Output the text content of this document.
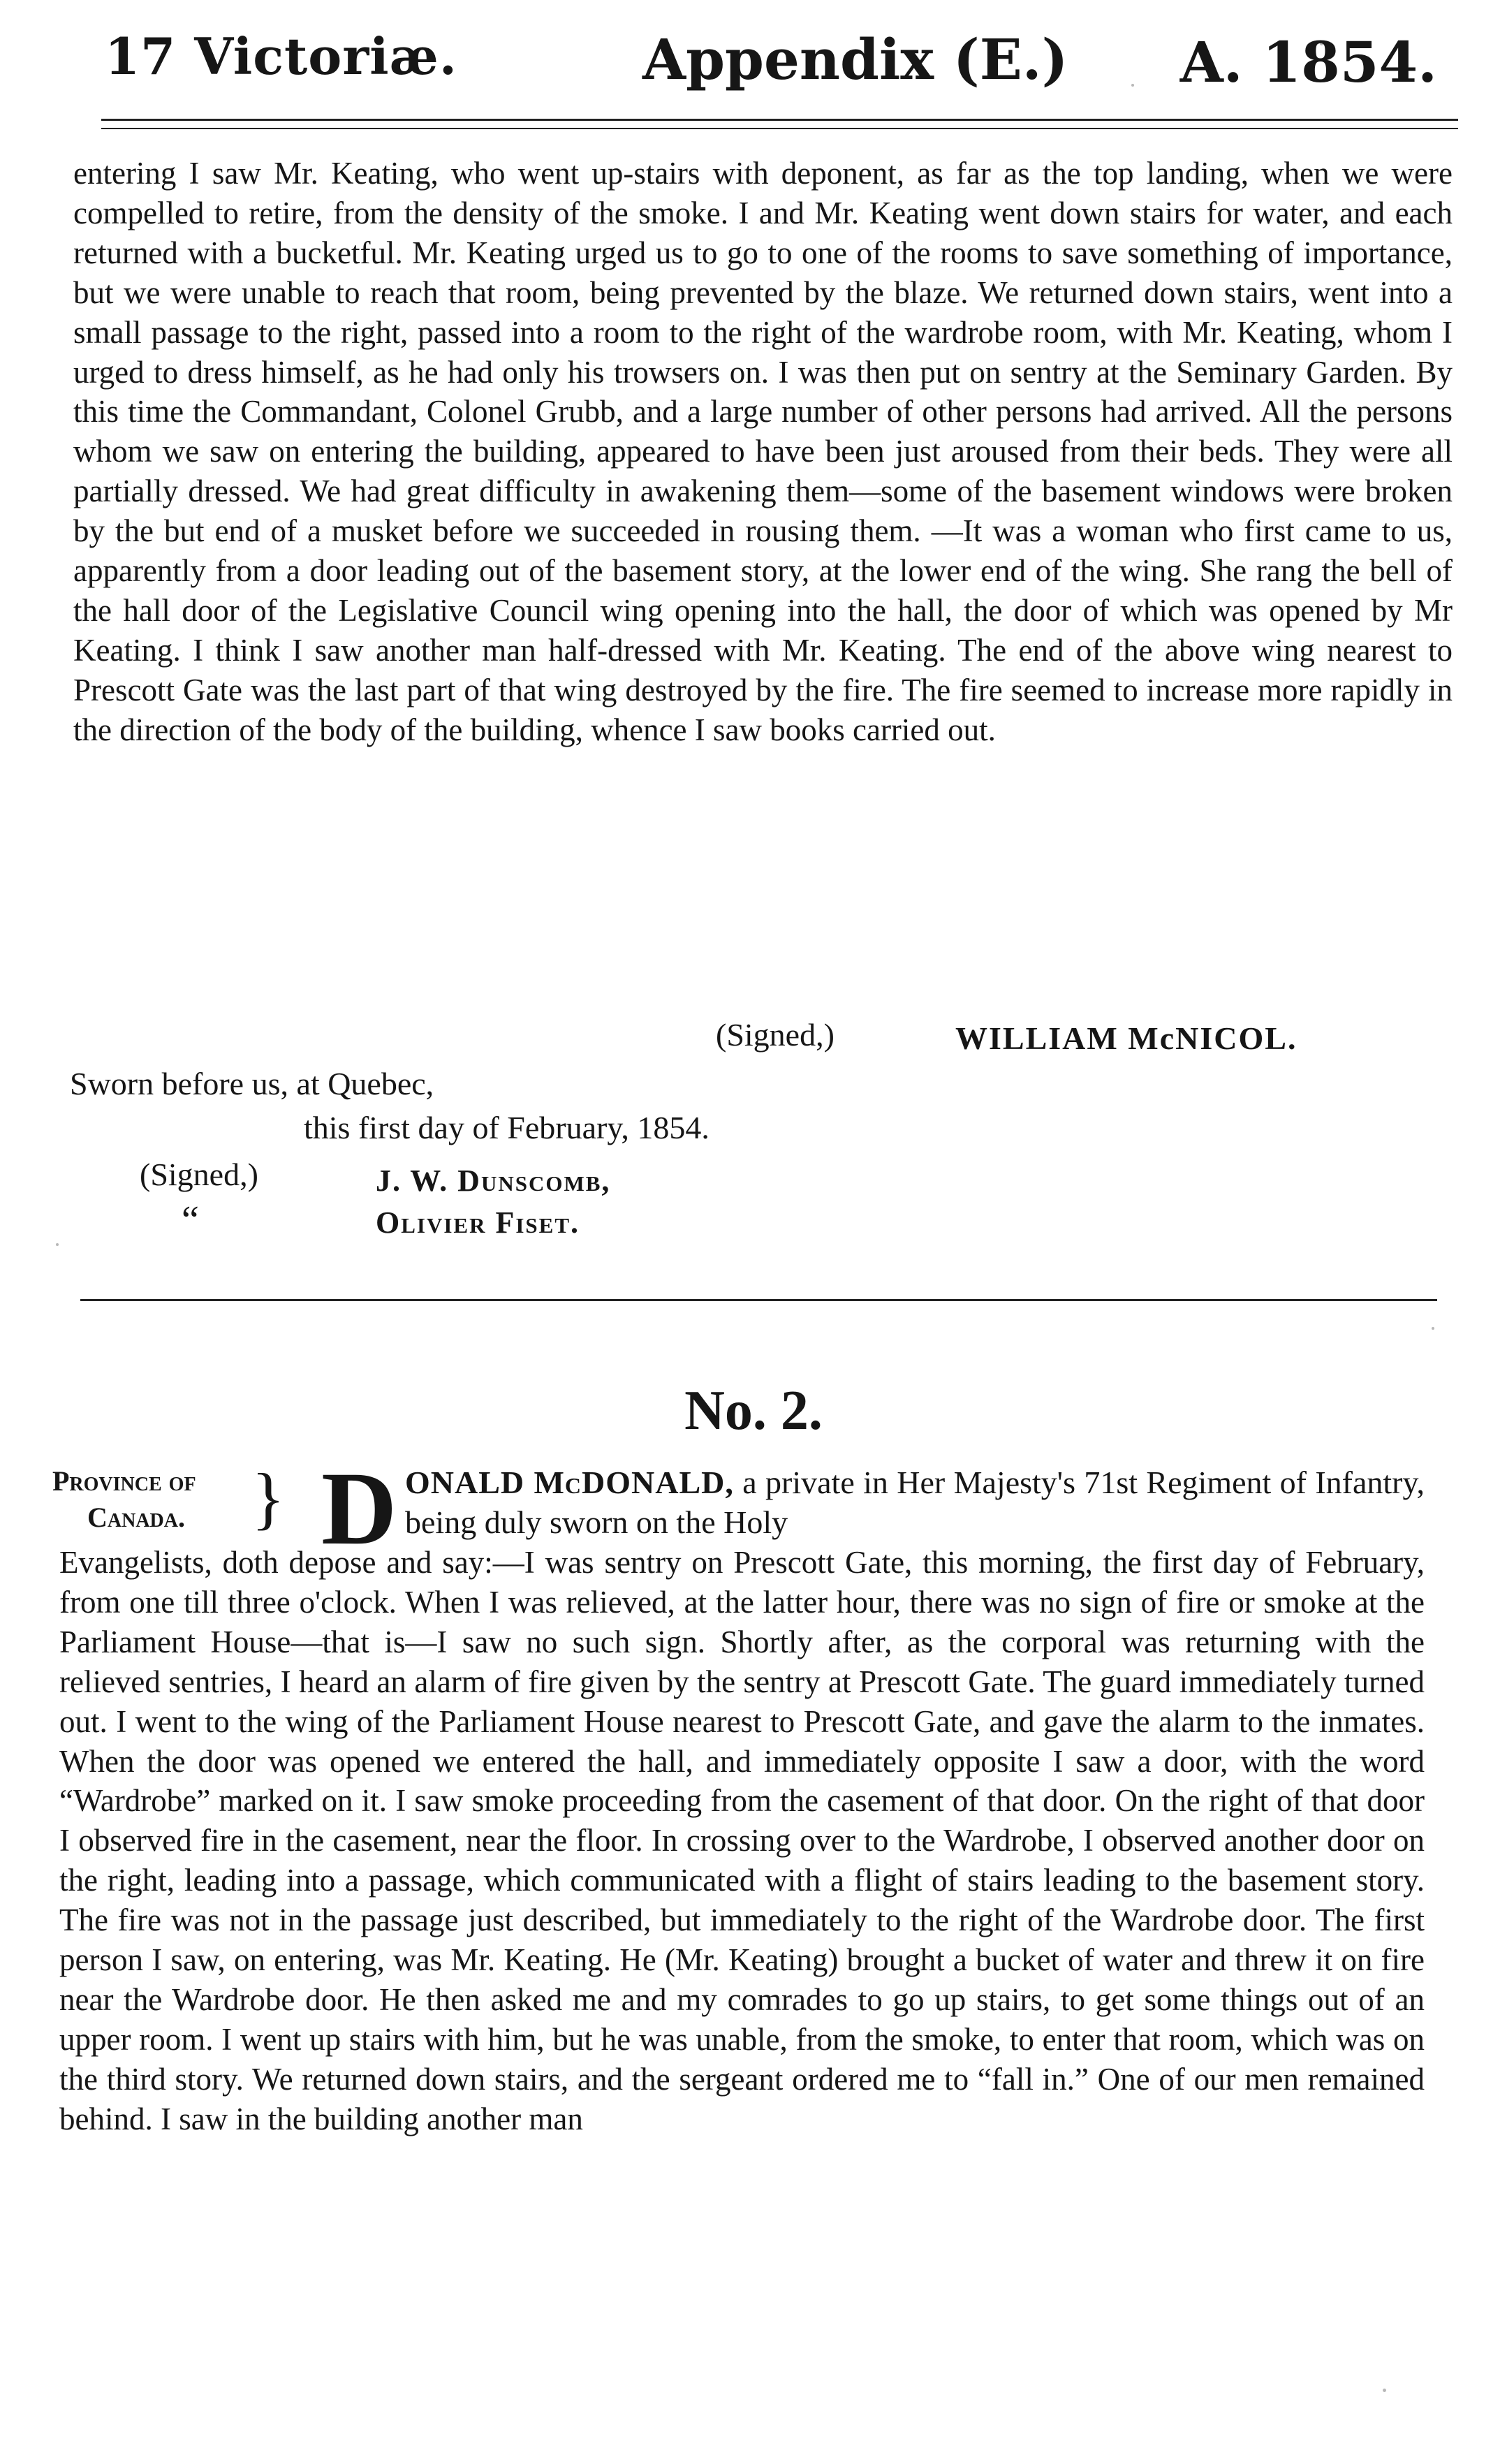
17 Victoriæ.	Appendix (E.) A. 1854.
entering I saw Mr. Keating, who went up-stairs with deponent, as far as the top landing, when we were compelled to retire, from the density of the smoke. I and Mr. Keating went down stairs for water, and each returned with a bucketful. Mr. Keating urged us to go to one of the rooms to save something of importance, but we were unable to reach that room, being prevented by the blaze. We returned down stairs, went into a small passage to the right, passed into a room to the right of the wardrobe room, with Mr. Keating, whom I urged to dress himself, as he had only his trowsers on. I was then put on sentry at the Seminary Garden. By this time the Commandant, Colonel Grubb, and a large number of other persons had arrived. All the persons whom we saw on entering the building, appeared to have been just aroused from their beds. They were all partially dressed. We had great difficulty in awakening them—some of the basement windows were broken by the but end of a musket before we succeeded in rousing them. —It was a woman who first came to us, apparently from a door leading out of the basement story, at the lower end of the wing. She rang the bell of the hall door of the Legislative Council wing opening into the hall, the door of which was opened by Mr Keating. I think I saw another man half-dressed with Mr. Keating. The end of the above wing nearest to Prescott Gate was the last part of that wing destroyed by the fire. The fire seemed to increase more rapidly in the direction of the body of the building, whence I saw books carried out.
(Signed,)	WILLIAM McNICOL.
Sworn before us, at Quebec,
this first day of February, 1854.
(Signed,)
“
J. W. Dunscomb,
Olivier Fiset.
No. 2.
Province of
Canada. } D ONALD McDONALD, a private in Her Majesty's 71st Regiment of Infantry, being duly sworn on the Holy
Evangelists, doth depose and say:—I was sentry on Prescott Gate, this morning, the first day of February, from one till three o'clock. When I was relieved, at the latter hour, there was no sign of fire or smoke at the Parliament House—that is—I saw no such sign. Shortly after, as the corporal was returning with the relieved sentries, I heard an alarm of fire given by the sentry at Prescott Gate. The guard immediately turned out. I went to the wing of the Parliament House nearest to Prescott Gate, and gave the alarm to the inmates. When the door was opened we entered the hall, and immediately opposite I saw a door, with the word “Wardrobe” marked on it. I saw smoke proceeding from the casement of that door. On the right of that door I observed fire in the casement, near the floor. In crossing over to the Wardrobe, I observed another door on the right, leading into a passage, which communicated with a flight of stairs leading to the basement story. The fire was not in the passage just described, but immediately to the right of the Wardrobe door. The first person I saw, on entering, was Mr. Keating. He (Mr. Keating) brought a bucket of water and threw it on fire near the Wardrobe door. He then asked me and my comrades to go up stairs, to get some things out of an upper room. I went up stairs with him, but he was unable, from the smoke, to enter that room, which was on the third story. We returned down stairs, and the sergeant ordered me to “fall in.” One of our men remained behind. I saw in the building another man
